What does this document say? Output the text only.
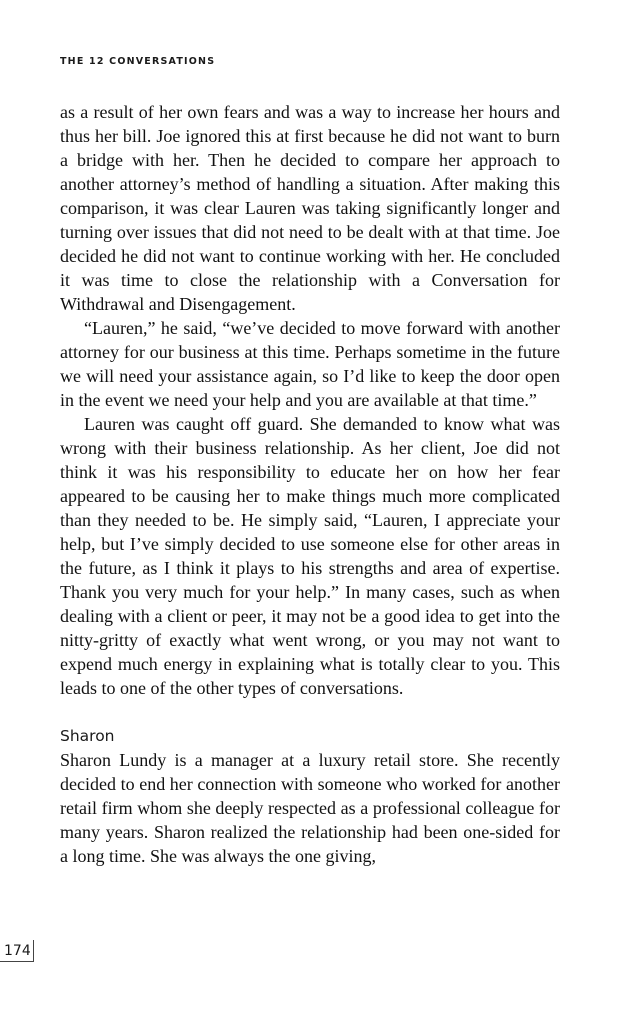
THE 12 CONVERSATIONS

as a result of her own fears and was a way to increase her hours and thus her bill. Joe ignored this at first because he did not want to burn a bridge with her. Then he decided to compare her approach to another attorney’s method of handling a situation. After making this comparison, it was clear Lauren was taking significantly longer and turning over issues that did not need to be dealt with at that time. Joe decided he did not want to continue working with her. He concluded it was time to close the relationship with a Conversation for Withdrawal and Disengagement.

“Lauren,” he said, “we’ve decided to move forward with another attorney for our business at this time. Perhaps sometime in the future we will need your assistance again, so I’d like to keep the door open in the event we need your help and you are available at that time.”

Lauren was caught off guard. She demanded to know what was wrong with their business relationship. As her client, Joe did not think it was his responsibility to educate her on how her fear appeared to be causing her to make things much more complicated than they needed to be. He simply said, “Lauren, I appreciate your help, but I’ve simply decided to use someone else for other areas in the future, as I think it plays to his strengths and area of expertise. Thank you very much for your help.” In many cases, such as when dealing with a client or peer, it may not be a good idea to get into the nitty-gritty of exactly what went wrong, or you may not want to expend much energy in explaining what is totally clear to you. This leads to one of the other types of conversations.

Sharon

Sharon Lundy is a manager at a luxury retail store. She recently decided to end her connection with someone who worked for another retail firm whom she deeply respected as a professional colleague for many years. Sharon realized the relationship had been one-sided for a long time. She was always the one giving,

174
